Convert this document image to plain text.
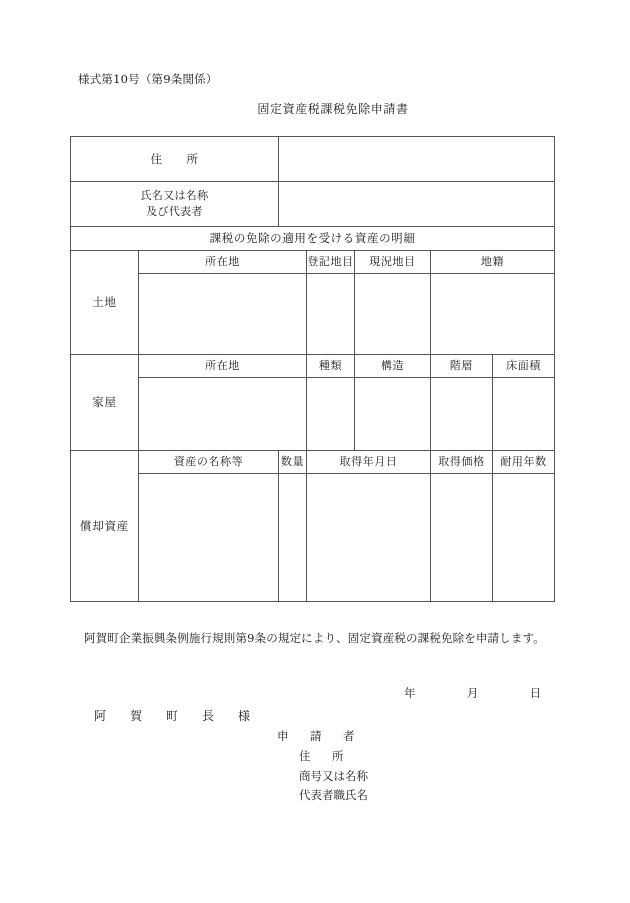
様式第10号（第9条関係）
固定資産税課税免除申請書
住　　所						

氏名又は名称
及び代表者						

課税の免除の適用を受ける資産の明細						
土地	所在地		登記地目	現況地目	地籍	

家屋	所在地		種類	構造	階層	床面積

償却資産	資産の名称等	数量	取得年月日		取得価格	耐用年数

阿賀町企業振興条例施行規則第9条の規定により、固定資産税の課税免除を申請します。
年	月	日
阿　賀　町　長　様
申　請　者
住　所
商号又は名称
代表者職氏名
